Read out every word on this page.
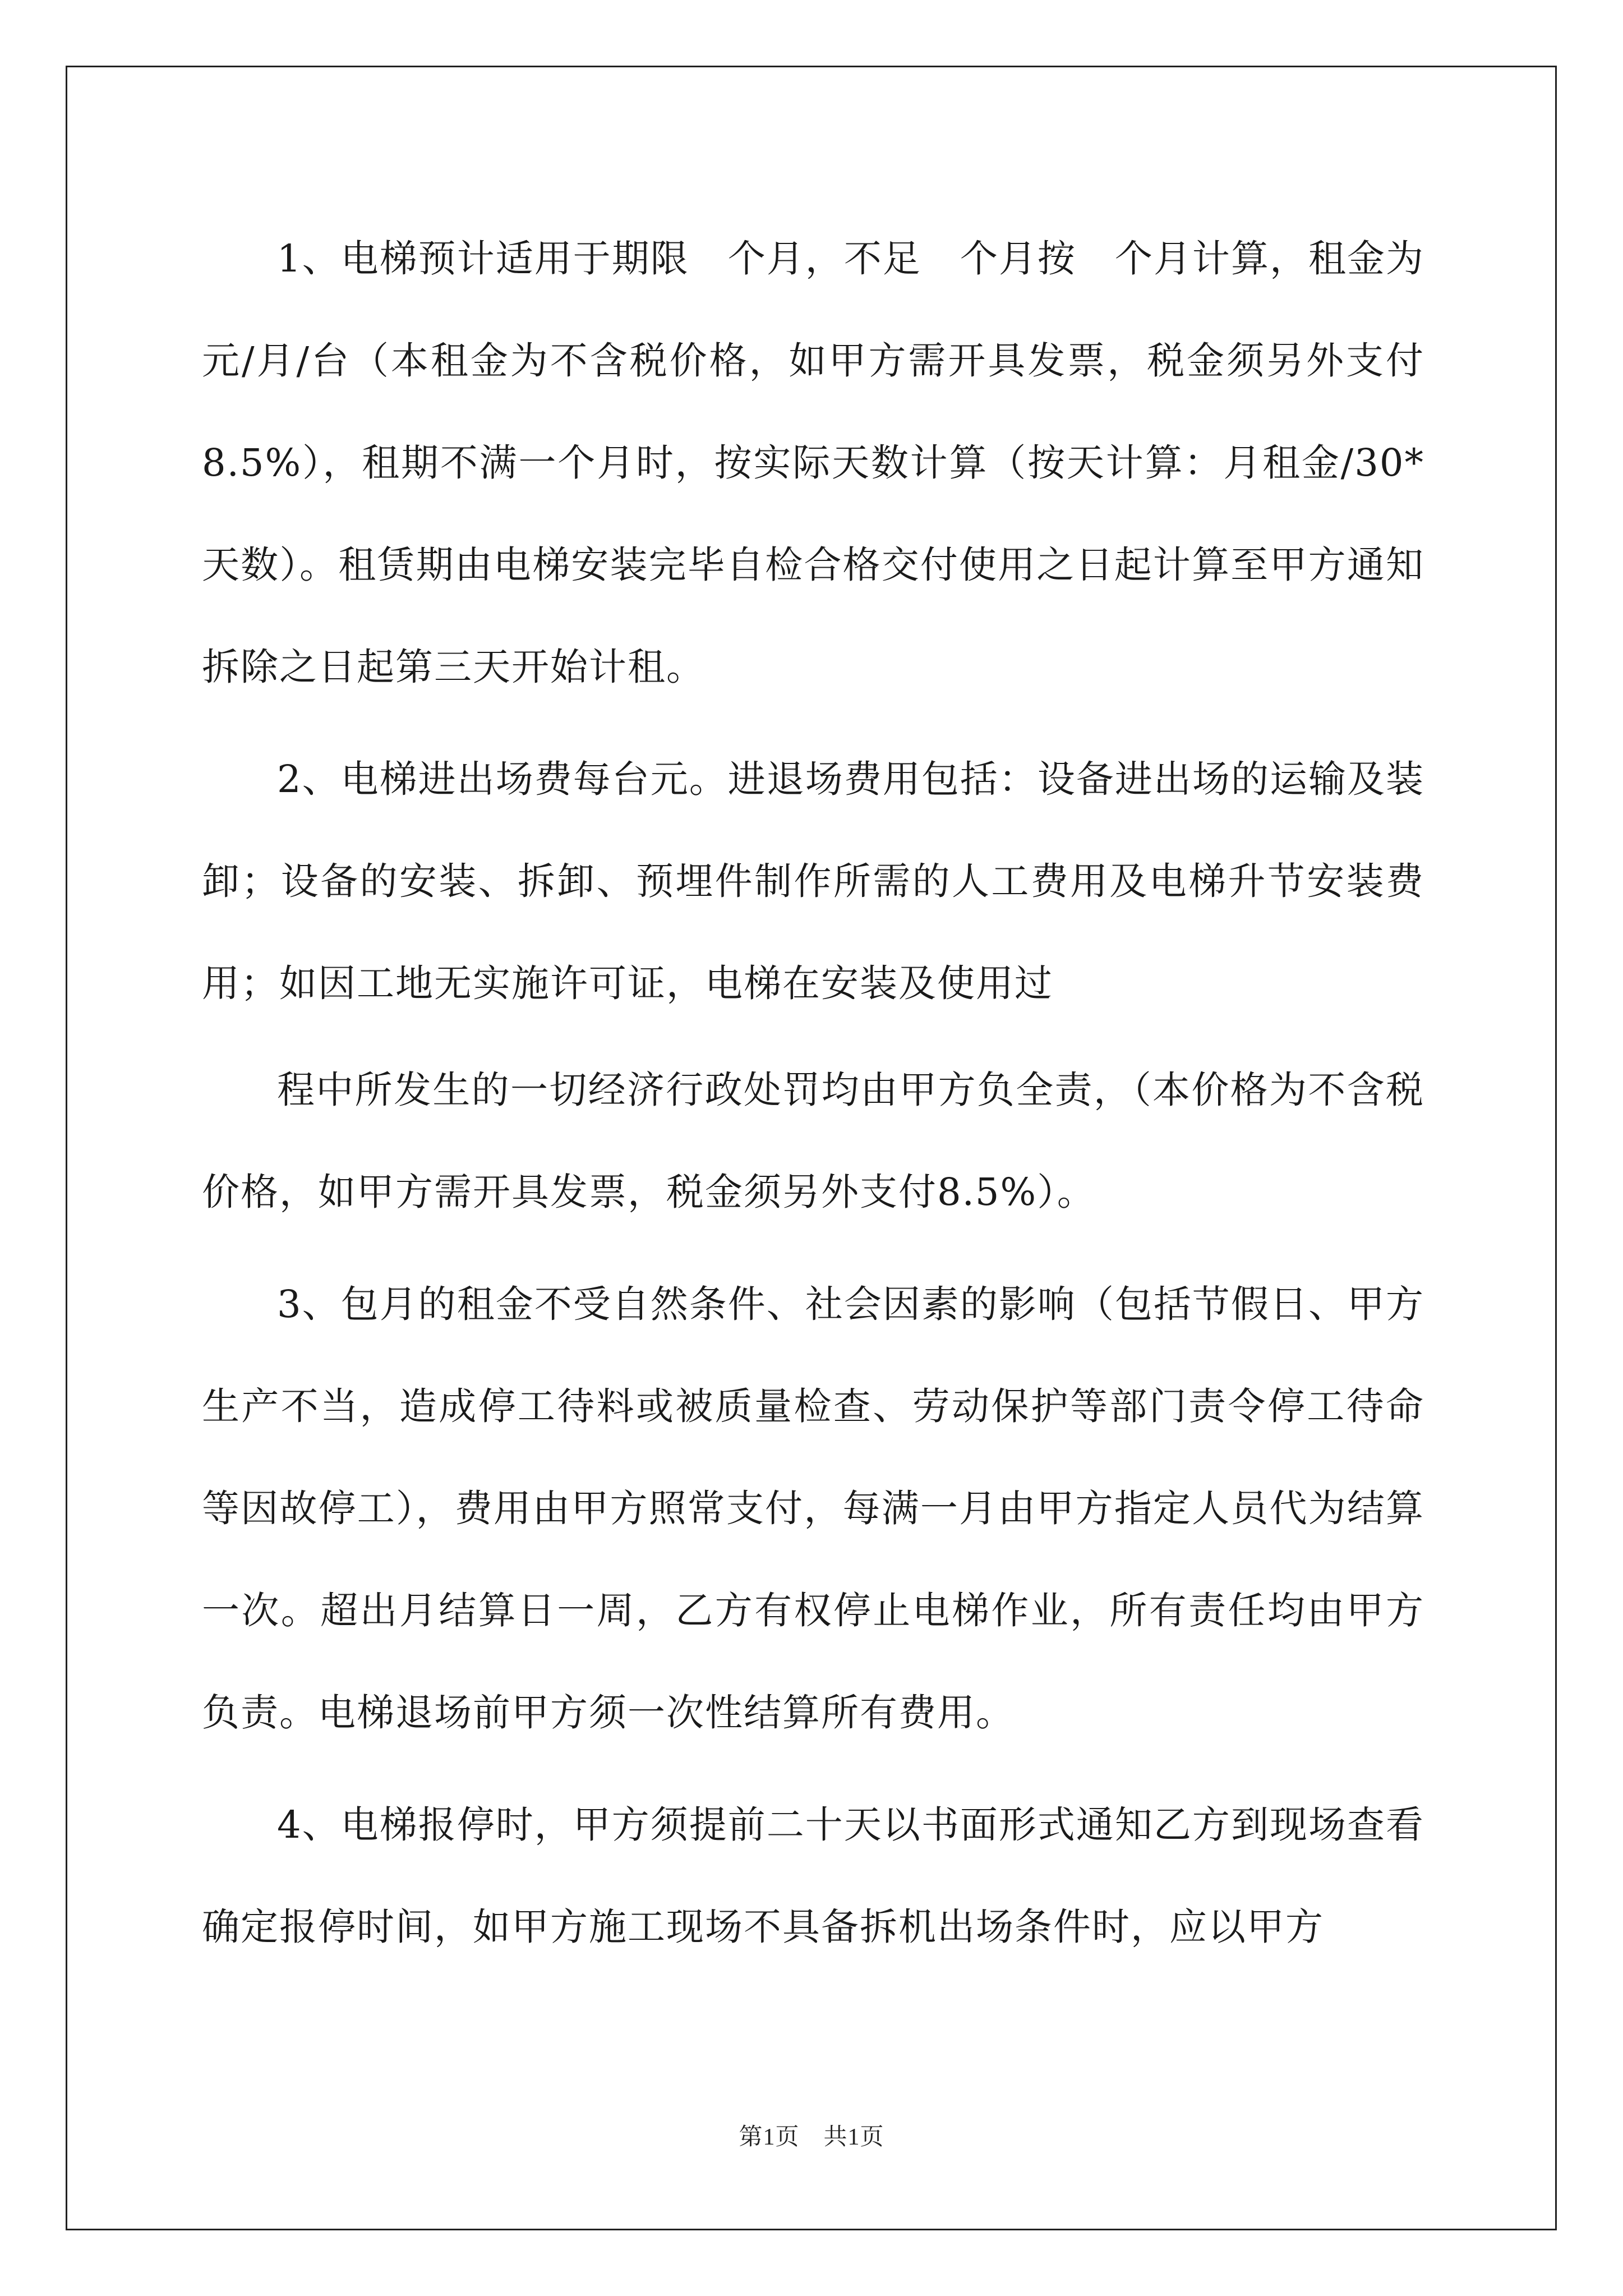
1、电梯预计适用于期限　个月，不足　个月按　个月计算，租金为　元/月/台（本租金为不含税价格，如甲方需开具发票，税金须另外支付8.5%），租期不满一个月时，按实际天数计算（按天计算：月租金/30*天数）。租赁期由电梯安装完毕自检合格交付使用之日起计算至甲方通知拆除之日起第三天开始计租。

2、电梯进出场费每台元。进退场费用包括：设备进出场的运输及装卸；设备的安装、拆卸、预埋件制作所需的人工费用及电梯升节安装费用；如因工地无实施许可证，电梯在安装及使用过

程中所发生的一切经济行政处罚均由甲方负全责，（本价格为不含税价格，如甲方需开具发票，税金须另外支付8.5%）。

3、包月的租金不受自然条件、社会因素的影响（包括节假日、甲方生产不当，造成停工待料或被质量检查、劳动保护等部门责令停工待命等因故停工），费用由甲方照常支付，每满一月由甲方指定人员代为结算一次。超出月结算日一周，乙方有权停止电梯作业，所有责任均由甲方负责。电梯退场前甲方须一次性结算所有费用。

4、电梯报停时，甲方须提前二十天以书面形式通知乙方到现场查看确定报停时间，如甲方施工现场不具备拆机出场条件时，应以甲方

第1页　共1页
